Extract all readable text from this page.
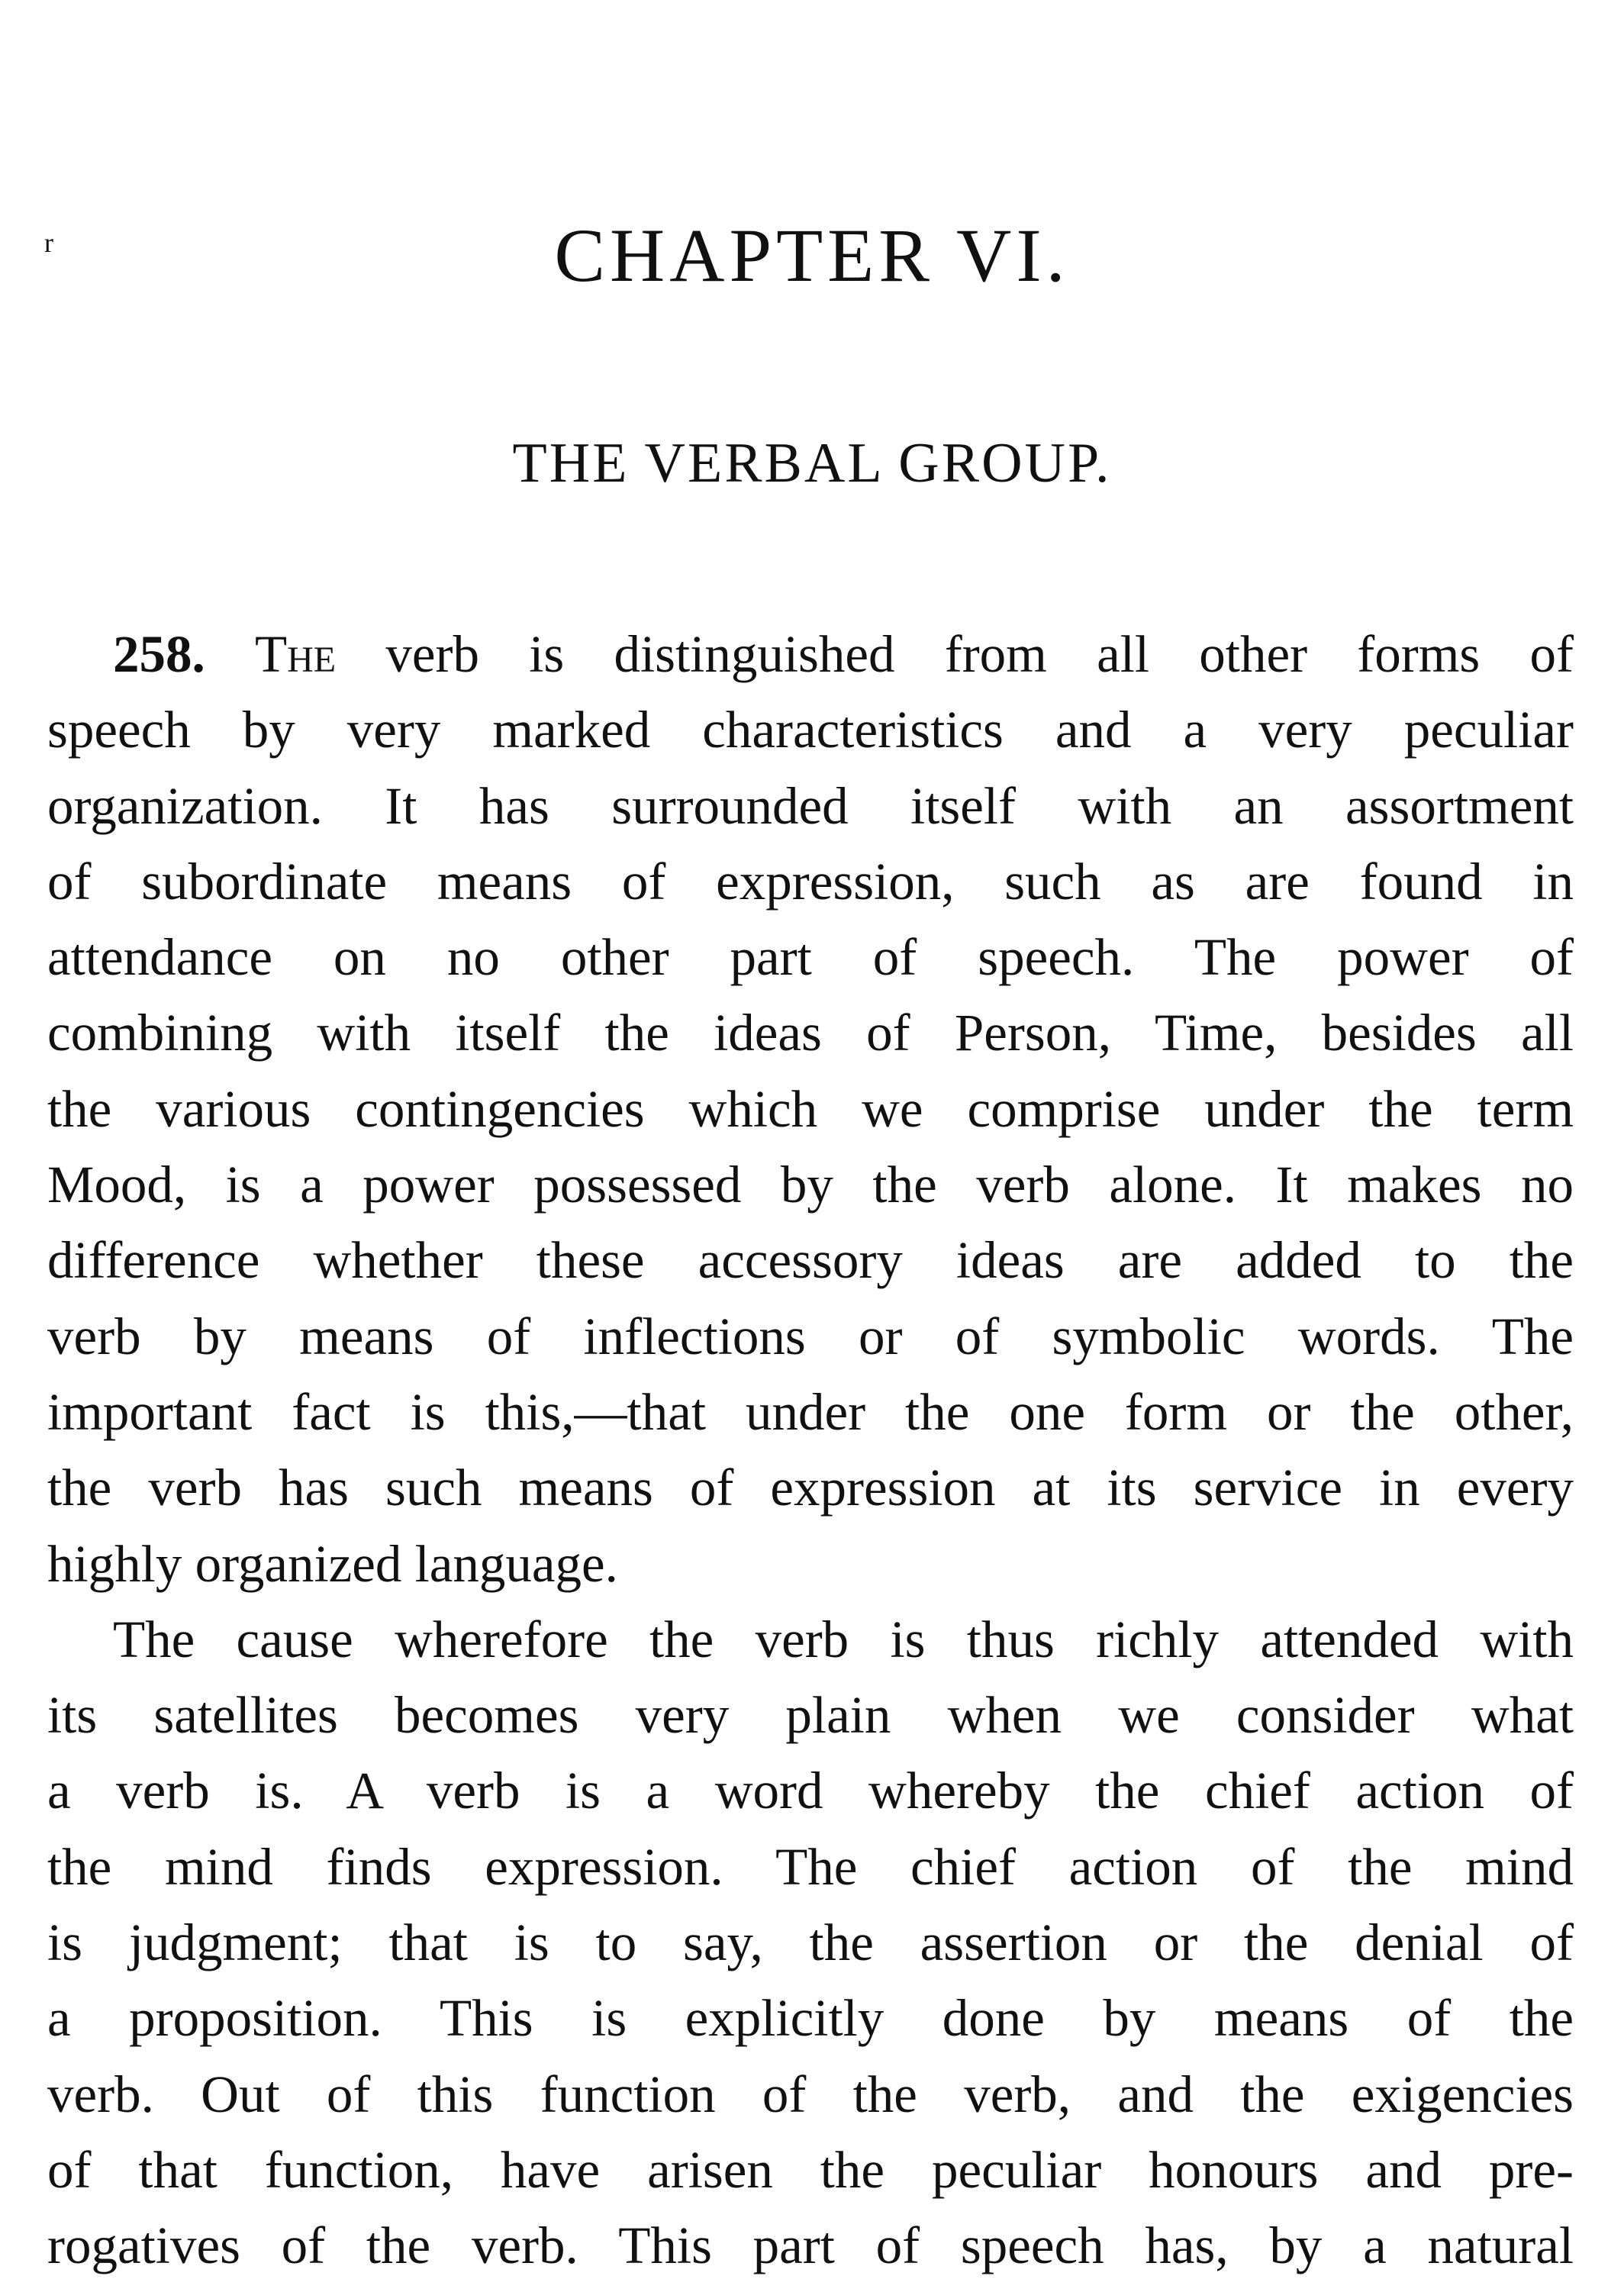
r	CHAPTER VI.
THE VERBAL GROUP.
258. The verb is distinguished from all other forms of
speech by very marked characteristics and a very peculiar
organization. It has surrounded itself with an assortment
of subordinate means of expression, such as are found in
attendance on no other part of speech. The power of
combining with itself the ideas of Person, Time, besides all
the various contingencies which we comprise under the term
Mood, is a power possessed by the verb alone. It makes no
difference whether these accessory ideas are added to the
verb by means of inflections or of symbolic words. The
important fact is this,—that under the one form or the other,
the verb has such means of expression at its service in every
highly organized language.
The cause wherefore the verb is thus richly attended with
its satellites becomes very plain when we consider what
a verb is. A verb is a word whereby the chief action of
the mind finds expression. The chief action of the mind
is judgment; that is to say, the assertion or the denial of
a proposition. This is explicitly done by means of the
verb. Out of this function of the verb, and the exigencies
of that function, have arisen the peculiar honours and pre-
rogatives of the verb. This part of speech has, by a natural
